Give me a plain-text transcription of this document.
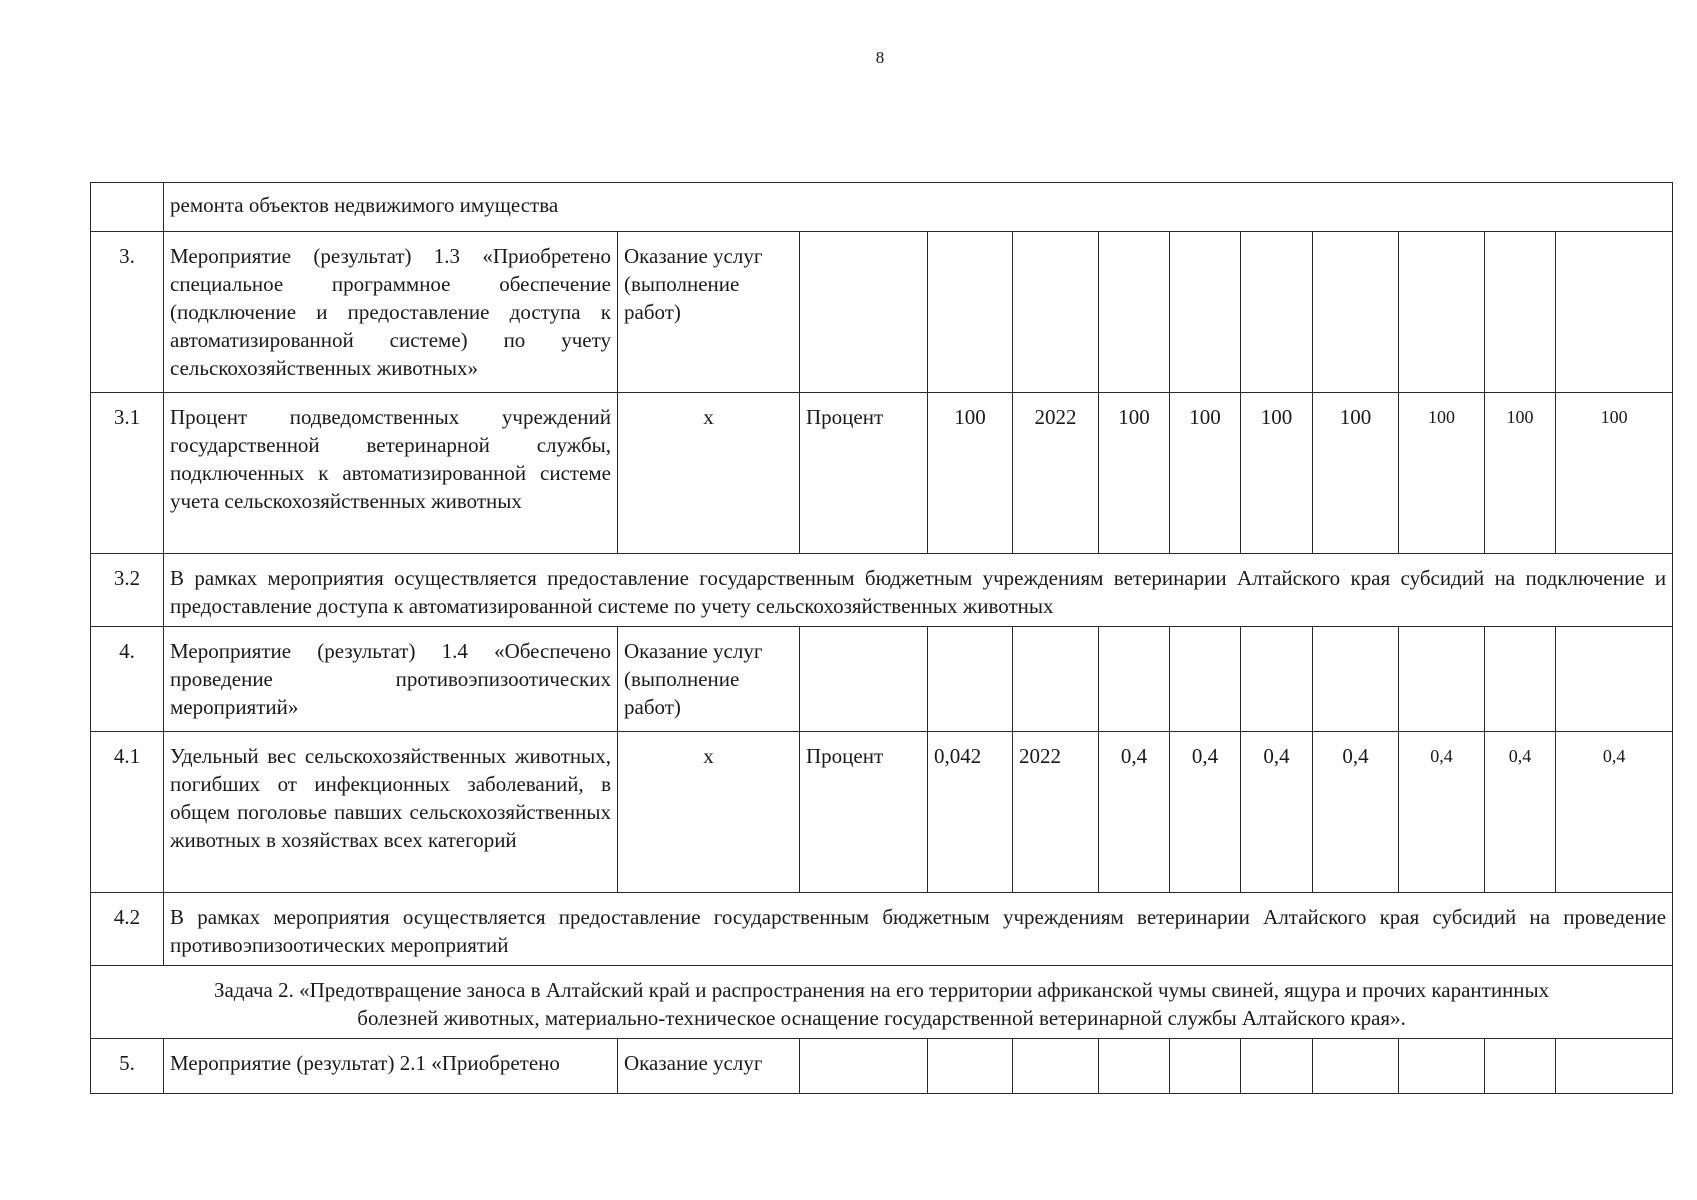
8
	ремонта объектов недвижимого имущества											
3.	Мероприятие (результат) 1.3 «Приобретено специальное программное обеспечение (подключение и предоставление доступа к автоматизированной системе) по учету сельскохозяйственных животных»	Оказание услуг (выполнение работ)										
3.1	Процент подведомственных учреждений государственной ветеринарной службы, подключенных к автоматизированной системе учета сельскохозяйственных животных	х	Процент	100	2022	100	100	100	100	100	100	100
3.2	В рамках мероприятия осуществляется предоставление государственным бюджетным учреждениям ветеринарии Алтайского края субсидий на подключение и предоставление доступа к автоматизированной системе по учету сельскохозяйственных животных											
4.	Мероприятие (результат) 1.4 «Обеспечено проведение противоэпизоотических мероприятий»	Оказание услуг (выполнение работ)										
4.1	Удельный вес сельскохозяйственных животных, погибших от инфекционных заболеваний, в общем поголовье павших сельскохозяйственных животных в хозяйствах всех категорий	х	Процент	0,042	2022	0,4	0,4	0,4	0,4	0,4	0,4	0,4
4.2	В рамках мероприятия осуществляется предоставление государственным бюджетным учреждениям ветеринарии Алтайского края субсидий на проведение противоэпизоотических мероприятий											

Задача 2. «Предотвращение заноса в Алтайский край и распространения на его территории африканской чумы свиней, ящура и прочих карантинных
болезней животных, материально-техническое оснащение государственной ветеринарной службы Алтайского края».												

5.	Мероприятие (результат) 2.1 «Приобретено	Оказание услуг										
